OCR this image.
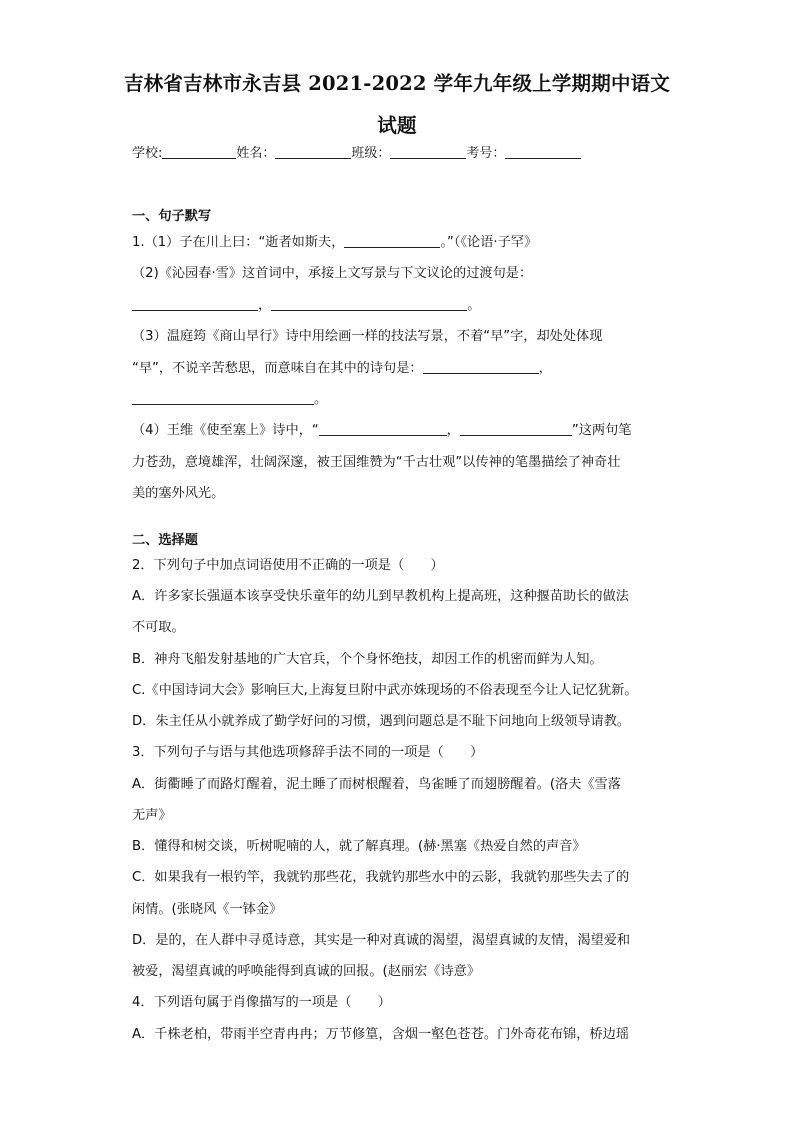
吉林省吉林市永吉县 2021-2022 学年九年级上学期期中语文
试题
学校:	姓名：	班级：	考号：
一、句子默写
1.（1）子在川上曰：“逝者如斯夫，	。”（《论语·子罕》
（2)《沁园春·雪》这首词中，承接上文写景与下文议论的过渡句是：
，	。
（3）温庭筠《商山早行》诗中用绘画一样的技法写景，不着“早”字，却处处体现
“早”，不说辛苦愁思，而意味自在其中的诗句是：	，
。
（4）王维《使至塞上》诗中，“	，	”这两句笔
力苍劲，意境雄浑，壮阔深邃，被王国维赞为“千古壮观”以传神的笔墨描绘了神奇壮
美的塞外风光。
二、选择题
2．下列句子中加点词语使用不正确的一项是（　　）
A．许多家长强逼本该享受快乐童年的幼儿到早教机构上提高班，这种揠苗助长的做法
不可取。
B．神舟飞船发射基地的广大官兵，个个身怀绝技，却因工作的机密而鲜为人知。
C.《中国诗词大会》影响巨大,上海复旦附中武亦姝现场的不俗表现至今让人记忆犹新。
D．朱主任从小就养成了勤学好问的习惯，遇到问题总是不耻下问地向上级领导请教。
3．下列句子与语与其他选项修辞手法不同的一项是（　　）
A．街衢睡了而路灯醒着，泥土睡了而树根醒着，鸟雀睡了而翅膀醒着。(洛夫《雪落
无声》
B．懂得和树交谈，听树呢喃的人，就了解真理。(赫·黑塞《热爱自然的声音》
C．如果我有一根钓竿，我就钓那些花，我就钓那些水中的云影，我就钓那些失去了的
闲情。(张晓风《一钵金》
D．是的，在人群中寻觅诗意，其实是一种对真诚的渴望，渴望真诚的友情，渴望爱和
被爱，渴望真诚的呼唤能得到真诚的回报。(赵丽宏《诗意》
4．下列语句属于肖像描写的一项是（　　）
A．千株老柏，带雨半空青冉冉；万节修篁，含烟一壑色苍苍。门外奇花布锦，桥边瑶
